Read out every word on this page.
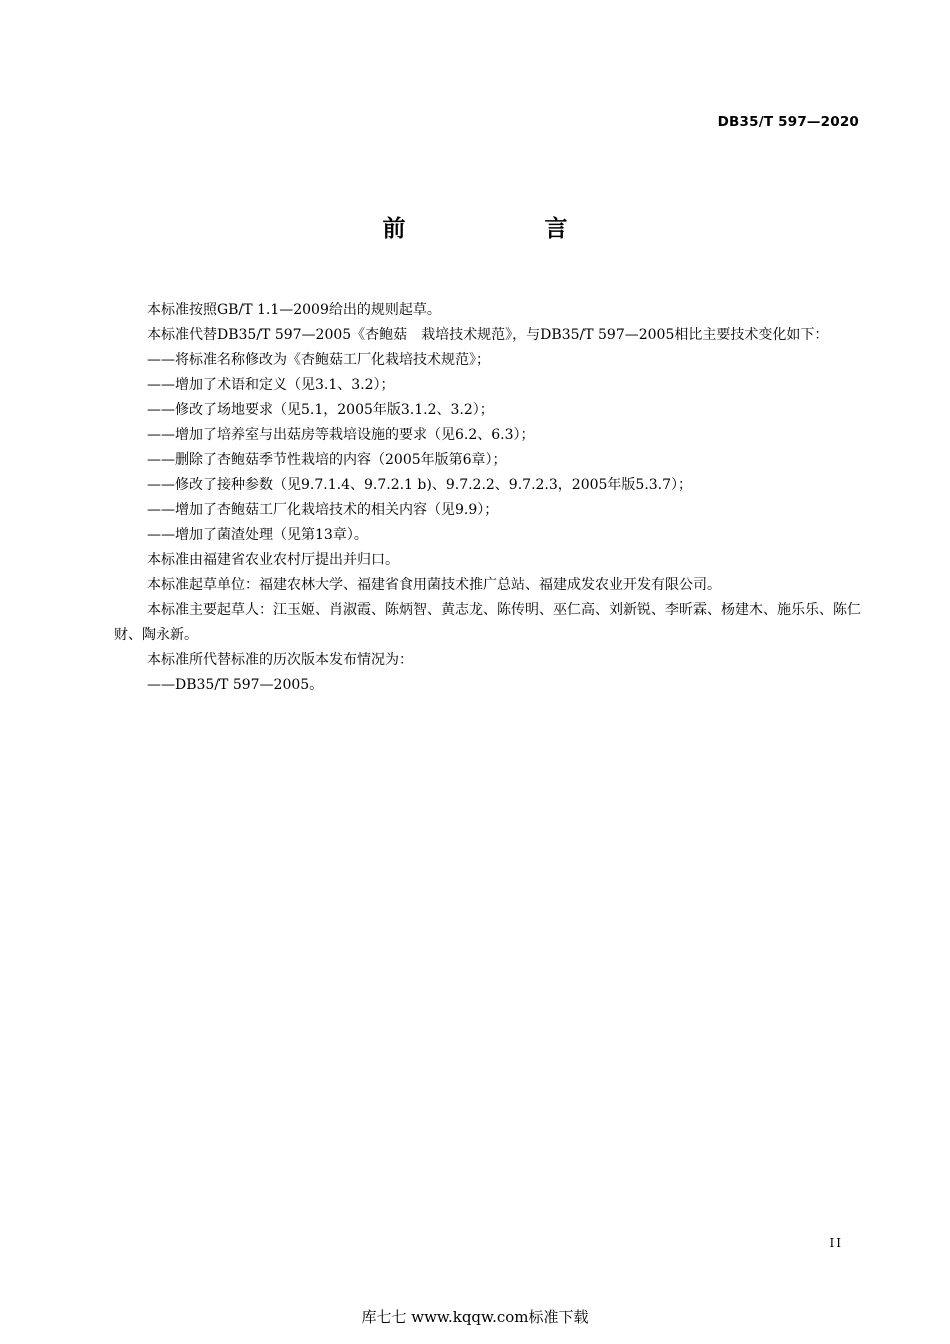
DB35/T 597—2020
前　言

本标准按照GB/T 1.1—2009给出的规则起草。

本标准代替DB35/T 597—2005《杏鲍菇　栽培技术规范》，与DB35/T 597—2005相比主要技术变化如下：

——将标准名称修改为《杏鲍菇工厂化栽培技术规范》；

——增加了术语和定义（见3.1、3.2）；

——修改了场地要求（见5.1，2005年版3.1.2、3.2）；

——增加了培养室与出菇房等栽培设施的要求（见6.2、6.3）；

——删除了杏鲍菇季节性栽培的内容（2005年版第6章）；

——修改了接种参数（见9.7.1.4、9.7.2.1 b)、9.7.2.2、9.7.2.3，2005年版5.3.7）；

——增加了杏鲍菇工厂化栽培技术的相关内容（见9.9）；

——增加了菌渣处理（见第13章）。

本标准由福建省农业农村厅提出并归口。

本标准起草单位：福建农林大学、福建省食用菌技术推广总站、福建成发农业开发有限公司。

本标准主要起草人：江玉姬、肖淑霞、陈炳智、黄志龙、陈传明、巫仁高、刘新锐、李昕霖、杨建木、施乐乐、陈仁财、陶永新。

本标准所代替标准的历次版本发布情况为：

——DB35/T 597—2005。

II
库七七 www.kqqw.com标准下载
